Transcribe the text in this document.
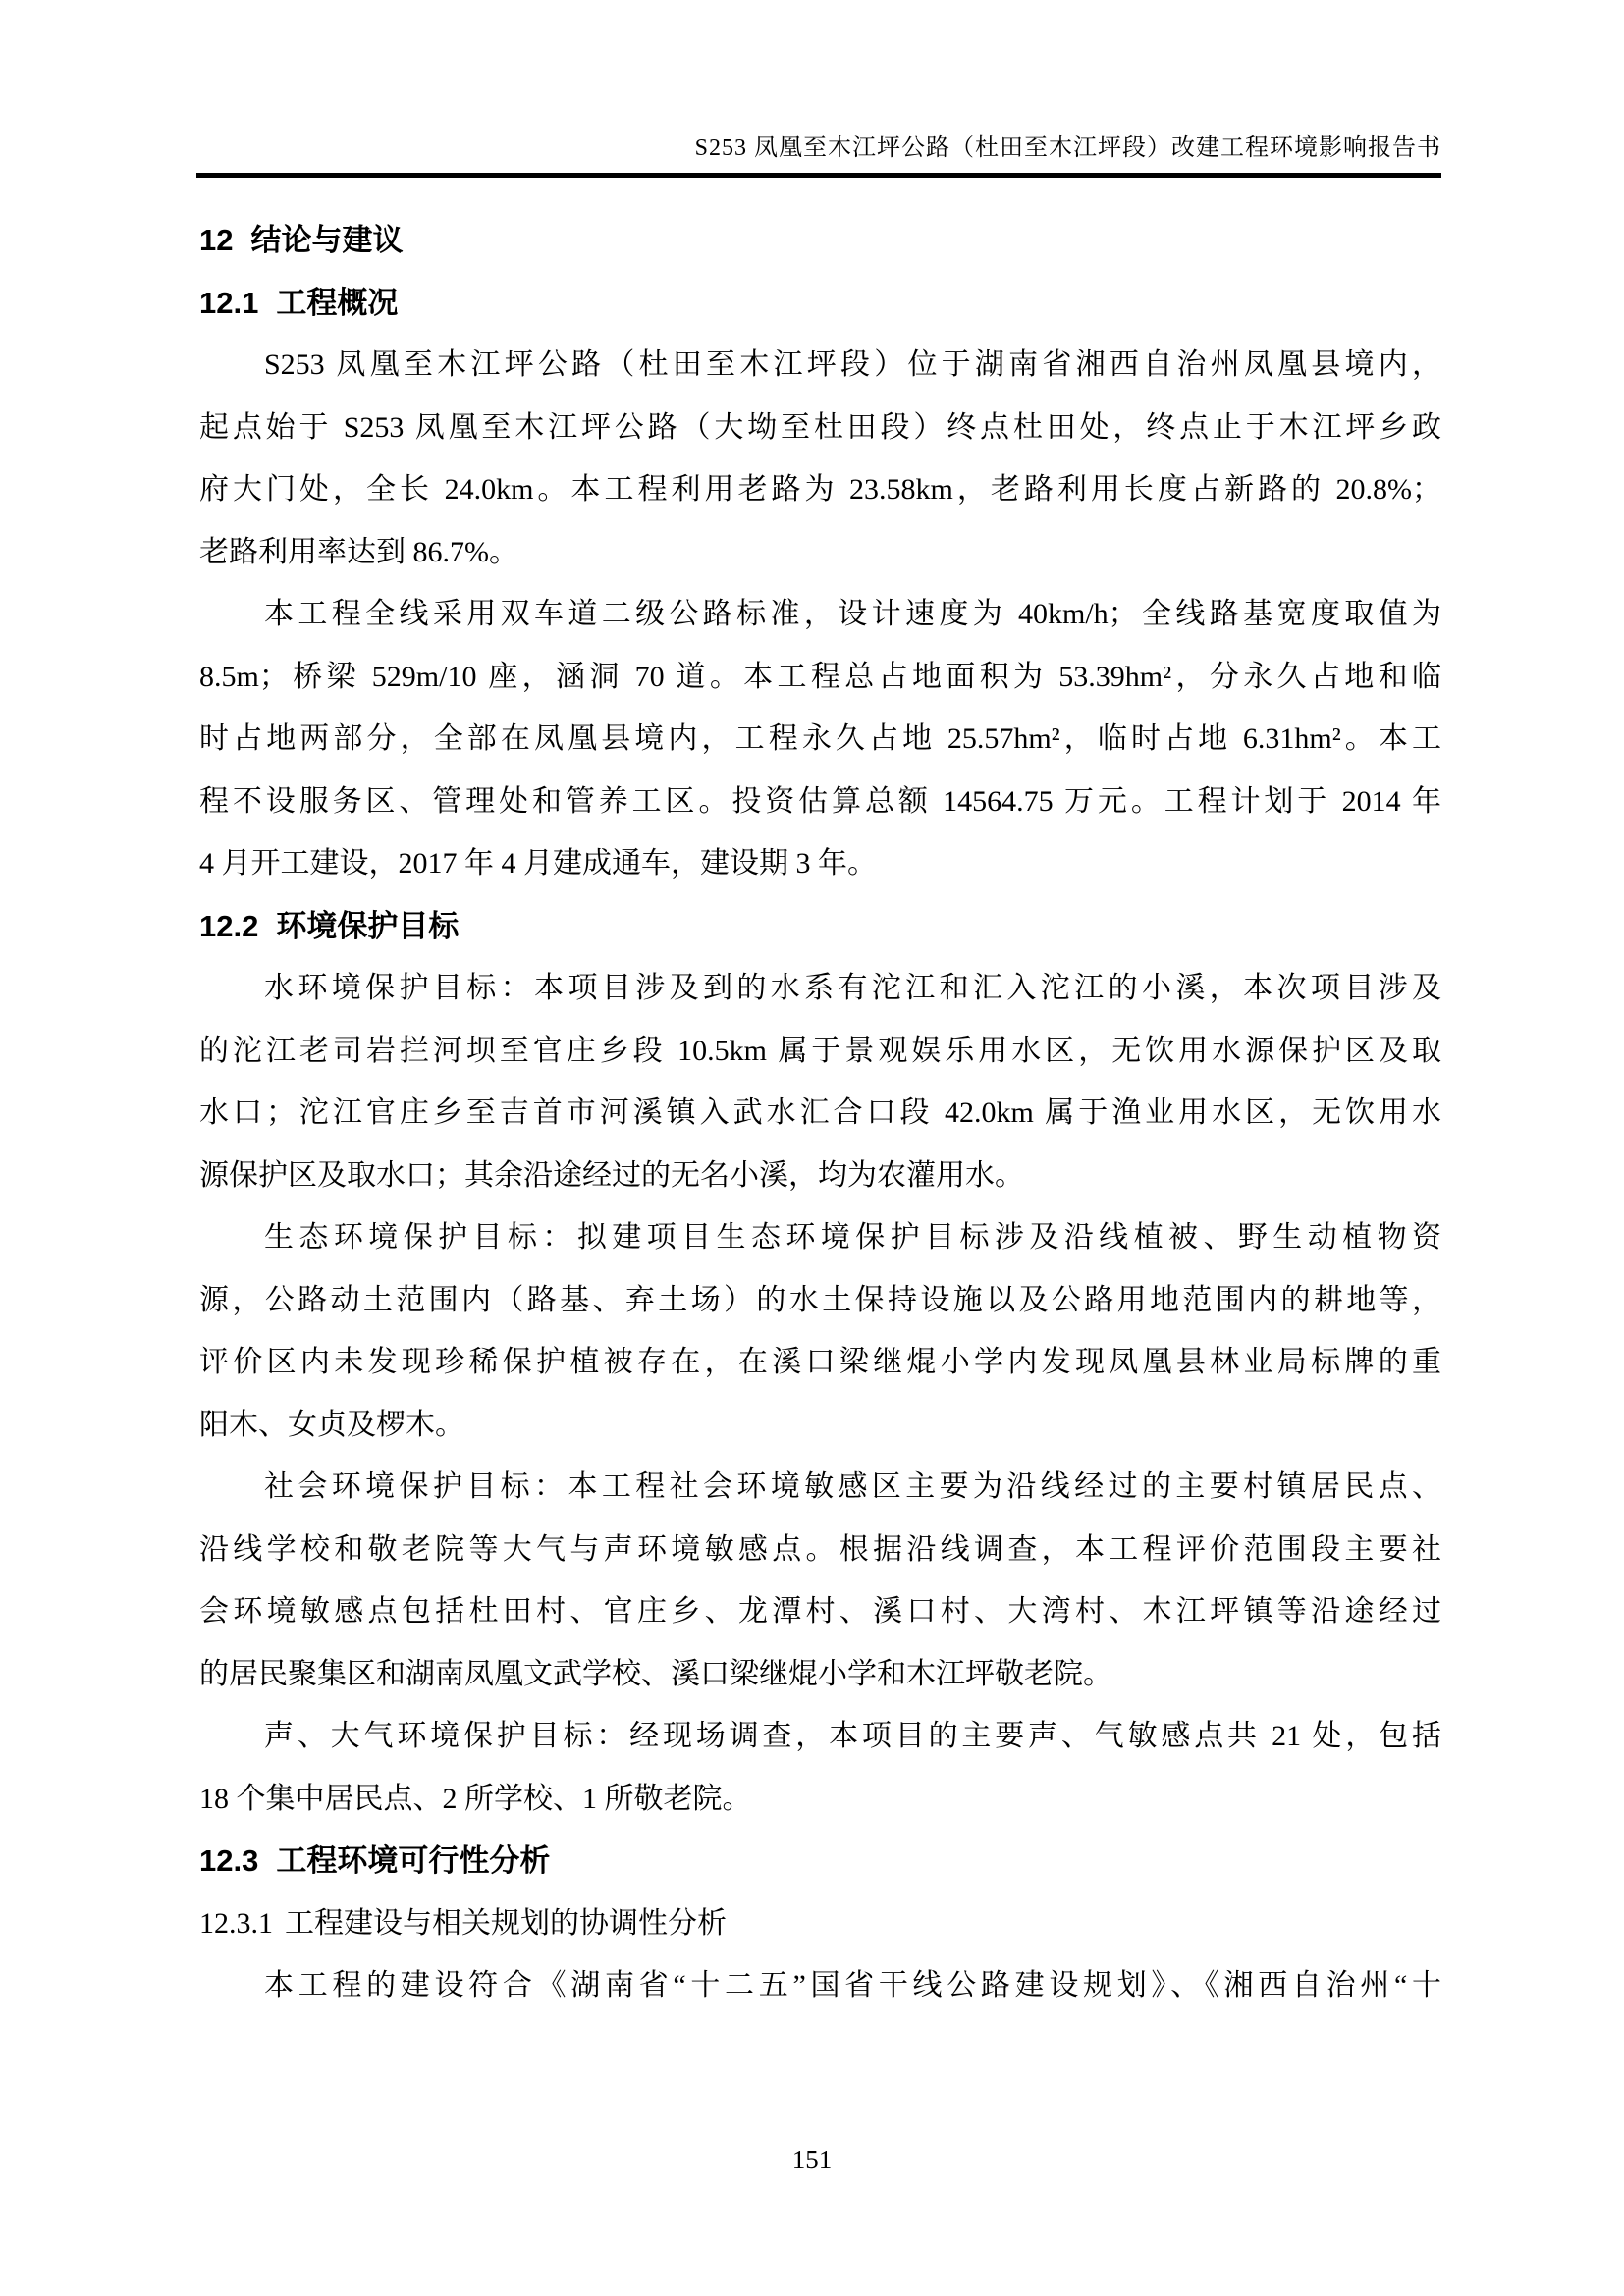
S253 凤凰至木江坪公路（杜田至木江坪段）改建工程环境影响报告书
12 结论与建议
12.1 工程概况
S253 凤凰至木江坪公路（杜田至木江坪段）位于湖南省湘西自治州凤凰县境内，
起点始于 S253 凤凰至木江坪公路（大坳至杜田段）终点杜田处，终点止于木江坪乡政
府大门处，全长 24.0km。本工程利用老路为 23.58km，老路利用长度占新路的 20.8%；
老路利用率达到 86.7%。
本工程全线采用双车道二级公路标准，设计速度为 40km/h；全线路基宽度取值为
8.5m；桥梁 529m/10 座，涵洞 70 道。本工程总占地面积为 53.39hm²，分永久占地和临
时占地两部分，全部在凤凰县境内，工程永久占地 25.57hm²，临时占地 6.31hm²。本工
程不设服务区、管理处和管养工区。投资估算总额 14564.75 万元。工程计划于 2014 年
4 月开工建设，2017 年 4 月建成通车，建设期 3 年。
12.2 环境保护目标
水环境保护目标：本项目涉及到的水系有沱江和汇入沱江的小溪，本次项目涉及
的沱江老司岩拦河坝至官庄乡段 10.5km 属于景观娱乐用水区，无饮用水源保护区及取
水口；沱江官庄乡至吉首市河溪镇入武水汇合口段 42.0km 属于渔业用水区，无饮用水
源保护区及取水口；其余沿途经过的无名小溪，均为农灌用水。
生态环境保护目标：拟建项目生态环境保护目标涉及沿线植被、野生动植物资
源，公路动土范围内（路基、弃土场）的水土保持设施以及公路用地范围内的耕地等，
评价区内未发现珍稀保护植被存在，在溪口梁继焜小学内发现凤凰县林业局标牌的重
阳木、女贞及椤木。
社会环境保护目标：本工程社会环境敏感区主要为沿线经过的主要村镇居民点、
沿线学校和敬老院等大气与声环境敏感点。根据沿线调查，本工程评价范围段主要社
会环境敏感点包括杜田村、官庄乡、龙潭村、溪口村、大湾村、木江坪镇等沿途经过
的居民聚集区和湖南凤凰文武学校、溪口梁继焜小学和木江坪敬老院。
声、大气环境保护目标：经现场调查，本项目的主要声、气敏感点共 21 处，包括
18 个集中居民点、2 所学校、1 所敬老院。
12.3 工程环境可行性分析
12.3.1 工程建设与相关规划的协调性分析
本工程的建设符合《湖南省“十二五”国省干线公路建设规划》、《湘西自治州“十
151
